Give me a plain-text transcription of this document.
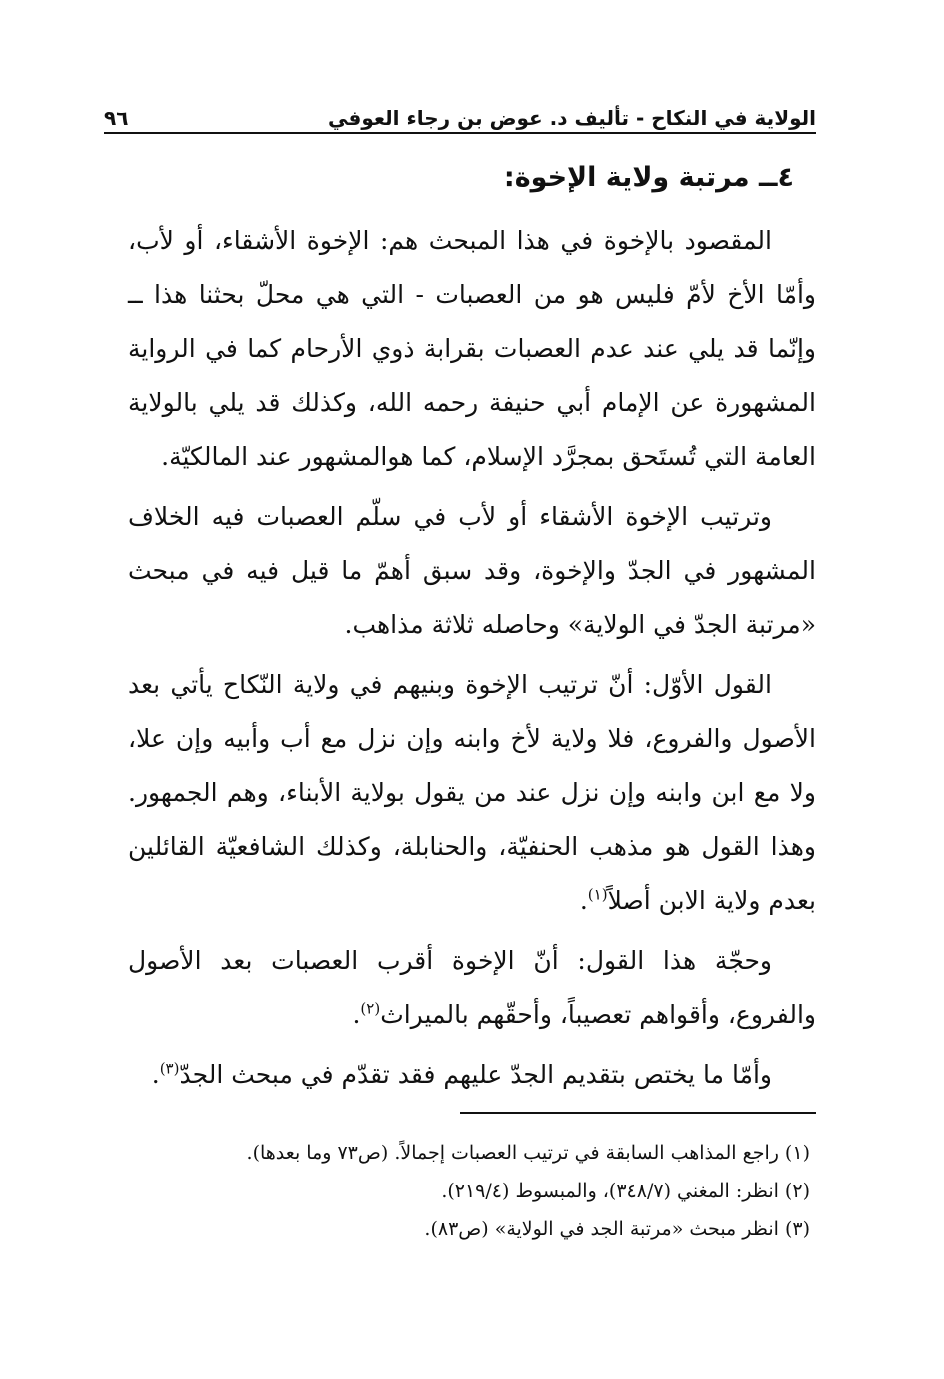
الولاية في النكاح - تأليف د. عوض بن رجاء العوفي
٩٦
٤ــ مرتبة ولاية الإخوة:

المقصود بالإخوة في هذا المبحث هم: الإخوة الأشقاء، أو لأب، وأمّا الأخ لأمّ فليس هو من العصبات - التي هي محلّ بحثنا هذا ــ وإنّما قد يلي عند عدم العصبات بقرابة ذوي الأرحام كما في الرواية المشهورة عن الإمام أبي حنيفة رحمه الله، وكذلك قد يلي بالولاية العامة التي تُستَحق بمجرَّد الإسلام، كما هوالمشهور عند المالكيّة.

وترتيب الإخوة الأشقاء أو لأب في سلّم العصبات فيه الخلاف المشهور في الجدّ والإخوة، وقد سبق أهمّ ما قيل فيه في مبحث «مرتبة الجدّ في الولاية» وحاصله ثلاثة مذاهب.

القول الأوّل: أنّ ترتيب الإخوة وبنيهم في ولاية النّكاح يأتي بعد الأصول والفروع، فلا ولاية لأخ وابنه وإن نزل مع أب وأبيه وإن علا، ولا مع ابن وابنه وإن نزل عند من يقول بولاية الأبناء، وهم الجمهور. وهذا القول هو مذهب الحنفيّة، والحنابلة، وكذلك الشافعيّة القائلين بعدم ولاية الابن أصلاً$^{(١)}$.

وحجّة هذا القول: أنّ الإخوة أقرب العصبات بعد الأصول والفروع، وأقواهم تعصيباً، وأحقّهم بالميراث$^{(٢)}$.

وأمّا ما يختص بتقديم الجدّ عليهم فقد تقدّم في مبحث الجدّ$^{(٣)}$.

(١) راجع المذاهب السابقة في ترتيب العصبات إجمالاً. (ص٧٣ وما بعدها).
(٢) انظر: المغني (٣٤٨/٧)، والمبسوط (٢١٩/٤).
(٣) انظر مبحث «مرتبة الجد في الولاية» (ص٨٣).
